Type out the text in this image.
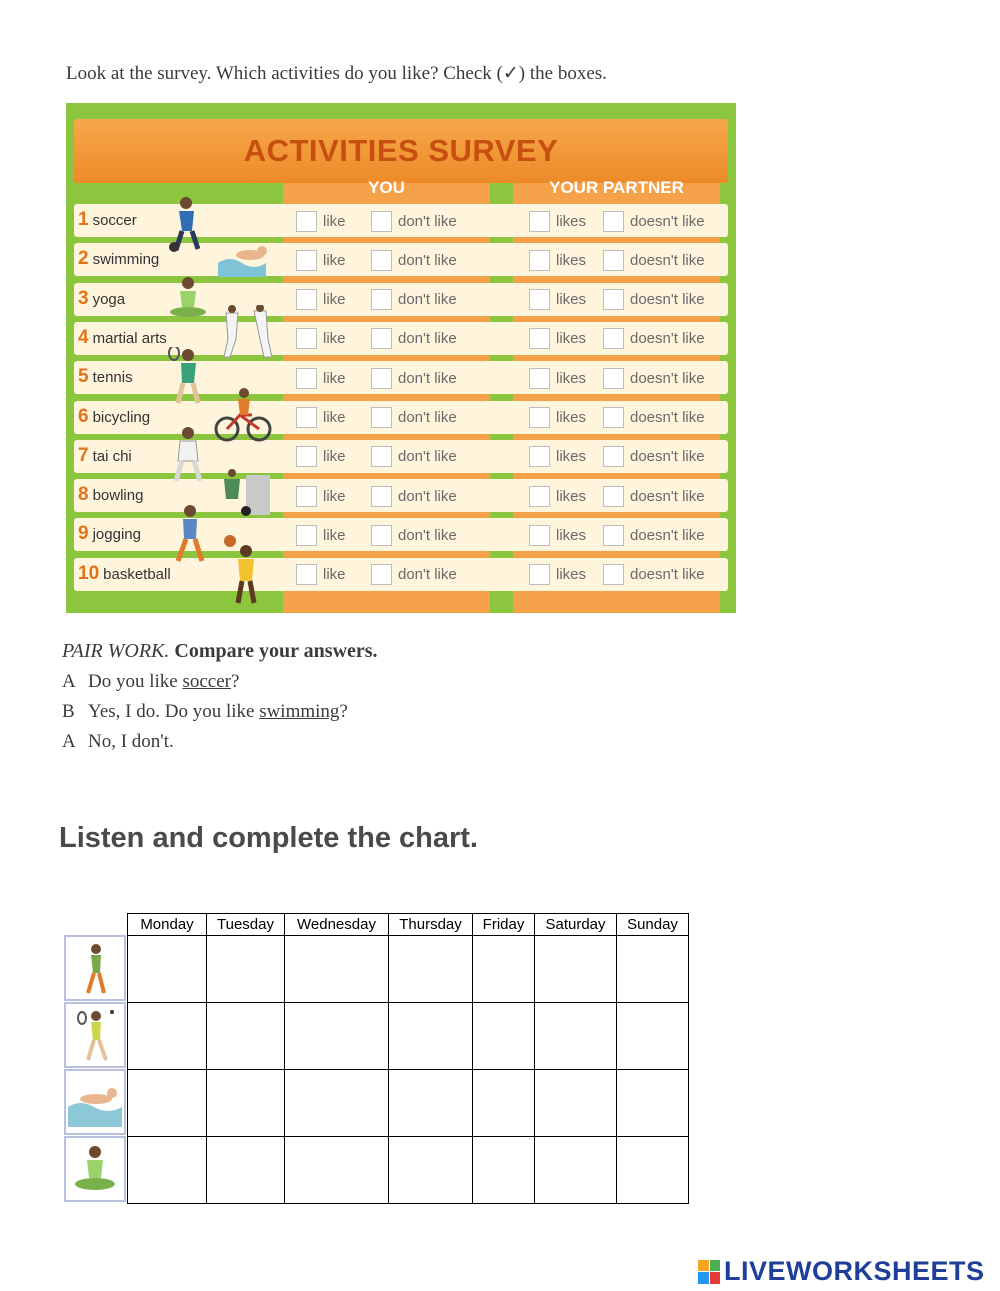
Look at the survey. Which activities do you like? Check (✓) the boxes.
ACTIVITIES SURVEY
YOU	YOUR PARTNER
1 soccer	like	don't like	likes	doesn't like
2 swimming	like	don't like	likes	doesn't like
3 yoga	like	don't like	likes	doesn't like
4 martial arts	like	don't like	likes	doesn't like
5 tennis	like	don't like	likes	doesn't like
6 bicycling	like	don't like	likes	doesn't like
7 tai chi	like	don't like	likes	doesn't like
8 bowling	like	don't like	likes	doesn't like
9 jogging	like	don't like	likes	doesn't like
10 basketball	like	don't like	likes	doesn't like
PAIR WORK. Compare your answers.
A Do you like soccer?
B Yes, I do. Do you like swimming?
A No, I don't.
Listen and complete the chart.
Monday	Tuesday	Wednesday	Thursday	Friday	Saturday	Sunday

LIVEWORKSHEETS
